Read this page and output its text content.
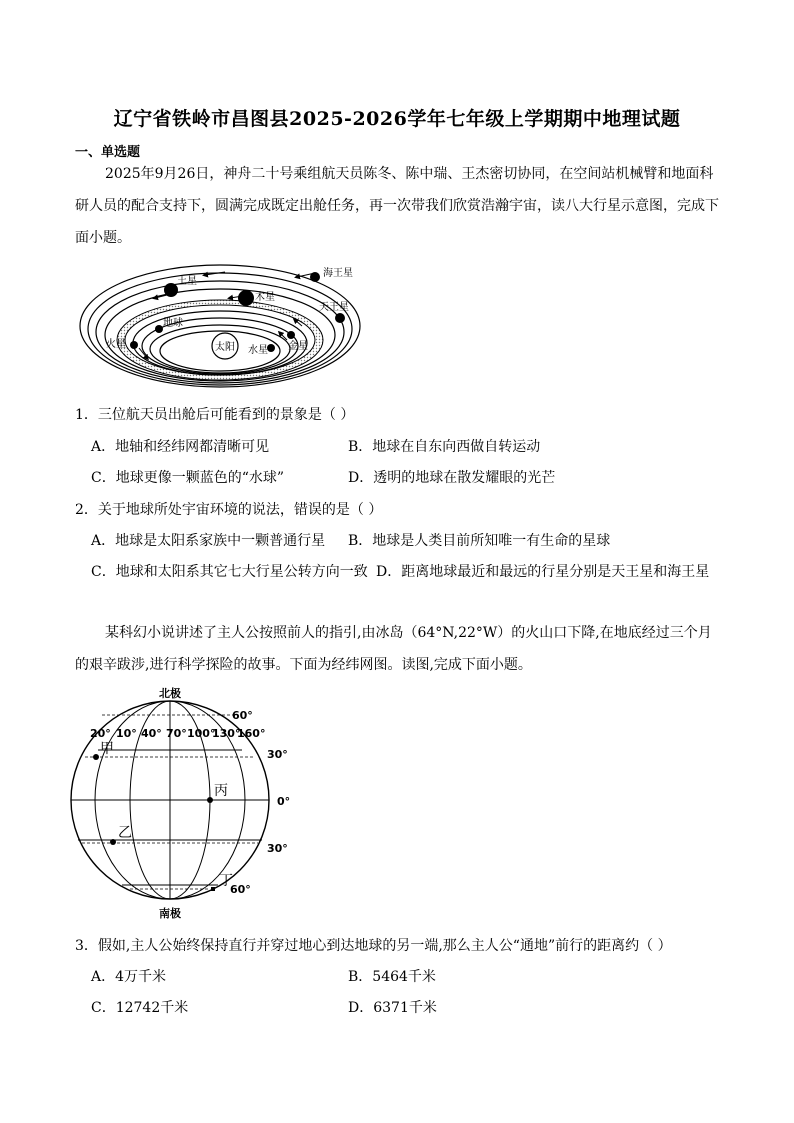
辽宁省铁岭市昌图县2025-2026学年七年级上学期期中地理试题
一、单选题
2025年9月26日，神舟二十号乘组航天员陈冬、陈中瑞、王杰密切协同，在空间站机械臂和地面科研人员的配合支持下，圆满完成既定出舱任务，再一次带我们欣赏浩瀚宇宙，读八大行星示意图，完成下面小题。
太阳
海王星
天王星
土星
木星
地球
火星	金星
水星
1．三位航天员出舱后可能看到的景象是（ ）
A．地轴和经纬网都清晰可见	B．地球在自东向西做自转运动
C．地球更像一颗蓝色的“水球”	D．透明的地球在散发耀眼的光芒
2．关于地球所处宇宙环境的说法，错误的是（ ）
A．地球是太阳系家族中一颗普通行星 B．地球是人类目前所知唯一有生命的星球
C．地球和太阳系其它七大行星公转方向一致 D．距离地球最近和最远的行星分别是天王星和海王星
某科幻小说讲述了主人公按照前人的指引,由冰岛（64°N,22°W）的火山口下降,在地底经过三个月的艰辛跋涉,进行科学探险的故事。下面为经纬网图。读图,完成下面小题。
北极
南极
20° 10° 40° 70° 100°
130°
160°
60°
30°
0°
30°
60°
甲
乙
丙
丁
3．假如,主人公始终保持直行并穿过地心到达地球的另一端,那么主人公“通地”前行的距离约（ ）
A．4万千米	B．5464千米
C．12742千米	D．6371千米
